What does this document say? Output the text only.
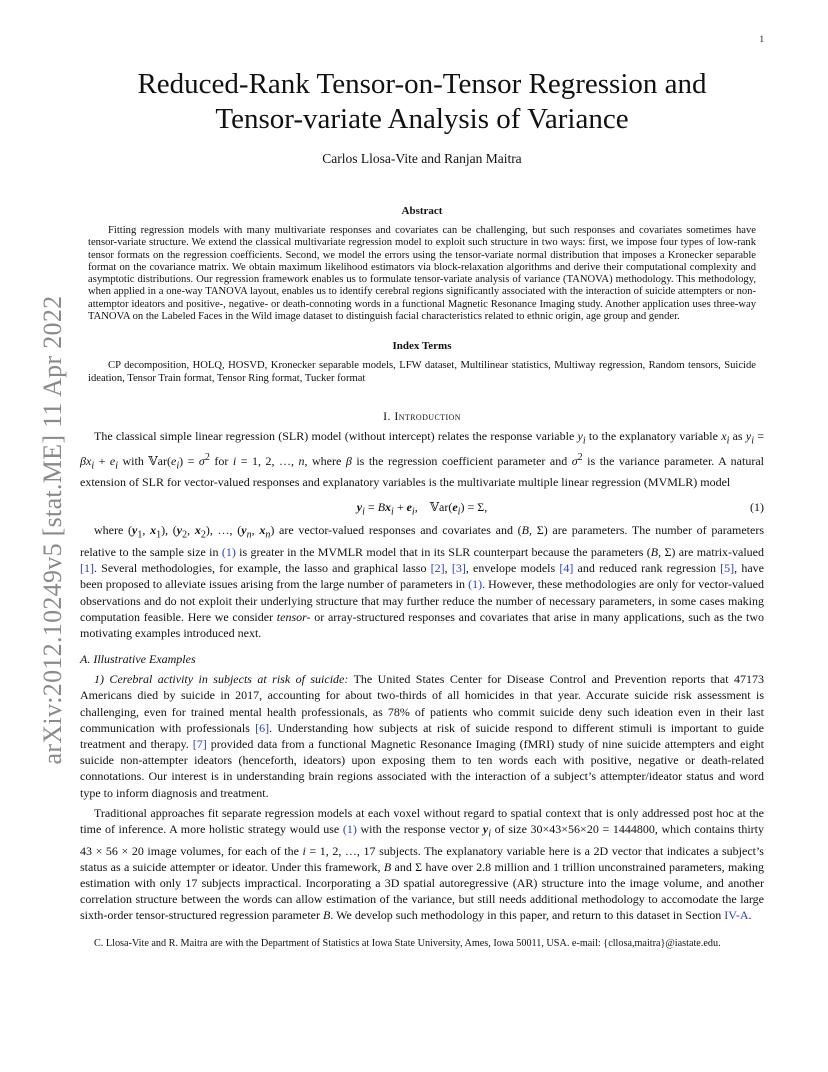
1
arXiv:2012.10249v5 [stat.ME] 11 Apr 2022
Reduced-Rank Tensor-on-Tensor Regression and
Tensor-variate Analysis of Variance
Carlos Llosa-Vite and Ranjan Maitra
Abstract
Fitting regression models with many multivariate responses and covariates can be challenging, but such responses and covariates sometimes have tensor-variate structure. We extend the classical multivariate regression model to exploit such structure in two ways: first, we impose four types of low-rank tensor formats on the regression coefficients. Second, we model the errors using the tensor-variate normal distribution that imposes a Kronecker separable format on the covariance matrix. We obtain maximum likelihood estimators via block-relaxation algorithms and derive their computational complexity and asymptotic distributions. Our regression framework enables us to formulate tensor-variate analysis of variance (TANOVA) methodology. This methodology, when applied in a one-way TANOVA layout, enables us to identify cerebral regions significantly associated with the interaction of suicide attempters or non-attemptor ideators and positive-, negative- or death-connoting words in a functional Magnetic Resonance Imaging study. Another application uses three-way TANOVA on the Labeled Faces in the Wild image dataset to distinguish facial characteristics related to ethnic origin, age group and gender.
Index Terms
CP decomposition, HOLQ, HOSVD, Kronecker separable models, LFW dataset, Multilinear statistics, Multiway regression, Random tensors, Suicide ideation, Tensor Train format, Tensor Ring format, Tucker format
I. Introduction

The classical simple linear regression (SLR) model (without intercept) relates the response variable $y_i$ to the explanatory variable $x_i$ as $y_i = \beta x_i + e_i$ with $𝕍ar(e_i) = \sigma^2$ for i = 1, 2, …, n, where β is the regression coefficient parameter and $\sigma^2$ is the variance parameter. A natural extension of SLR for vector-valued responses and explanatory variables is the multivariate multiple linear regression (MVMLR) model

$y_i = Bx_i + e_i$,    $𝕍ar(e_i) = \Sigma$,	(1)

where ($y_1$, $x_1$), ($y_2$, $x_2$), …, ($y_n$, $x_n$) are vector-valued responses and covariates and (B, Σ) are parameters. The number of parameters relative to the sample size in (1) is greater in the MVMLR model that in its SLR counterpart because the parameters (B, Σ) are matrix-valued [1]. Several methodologies, for example, the lasso and graphical lasso [2], [3], envelope models [4] and reduced rank regression [5], have been proposed to alleviate issues arising from the large number of parameters in (1). However, these methodologies are only for vector-valued observations and do not exploit their underlying structure that may further reduce the number of necessary parameters, in some cases making computation feasible. Here we consider tensor- or array-structured responses and covariates that arise in many applications, such as the two motivating examples introduced next.

A. Illustrative Examples

1) Cerebral activity in subjects at risk of suicide: The United States Center for Disease Control and Prevention reports that 47173 Americans died by suicide in 2017, accounting for about two-thirds of all homicides in that year. Accurate suicide risk assessment is challenging, even for trained mental health professionals, as 78% of patients who commit suicide deny such ideation even in their last communication with professionals [6]. Understanding how subjects at risk of suicide respond to different stimuli is important to guide treatment and therapy. [7] provided data from a functional Magnetic Resonance Imaging (fMRI) study of nine suicide attempters and eight suicide non-attempter ideators (henceforth, ideators) upon exposing them to ten words each with positive, negative or death-related connotations. Our interest is in understanding brain regions associated with the interaction of a subject’s attempter/ideator status and word type to inform diagnosis and treatment.

Traditional approaches fit separate regression models at each voxel without regard to spatial context that is only addressed post hoc at the time of inference. A more holistic strategy would use (1) with the response vector $y_i$ of size 30×43×56×20 = 1444800, which contains thirty 43 × 56 × 20 image volumes, for each of the i = 1, 2, …, 17 subjects. The explanatory variable here is a 2D vector that indicates a subject’s status as a suicide attempter or ideator. Under this framework, B and Σ have over 2.8 million and 1 trillion unconstrained parameters, making estimation with only 17 subjects impractical. Incorporating a 3D spatial autoregressive (AR) structure into the image volume, and another correlation structure between the words can allow estimation of the variance, but still needs additional methodology to accomodate the large sixth-order tensor-structured regression parameter B. We develop such methodology in this paper, and return to this dataset in Section IV-A.

C. Llosa-Vite and R. Maitra are with the Department of Statistics at Iowa State University, Ames, Iowa 50011, USA. e-mail: {cllosa,maitra}@iastate.edu.
